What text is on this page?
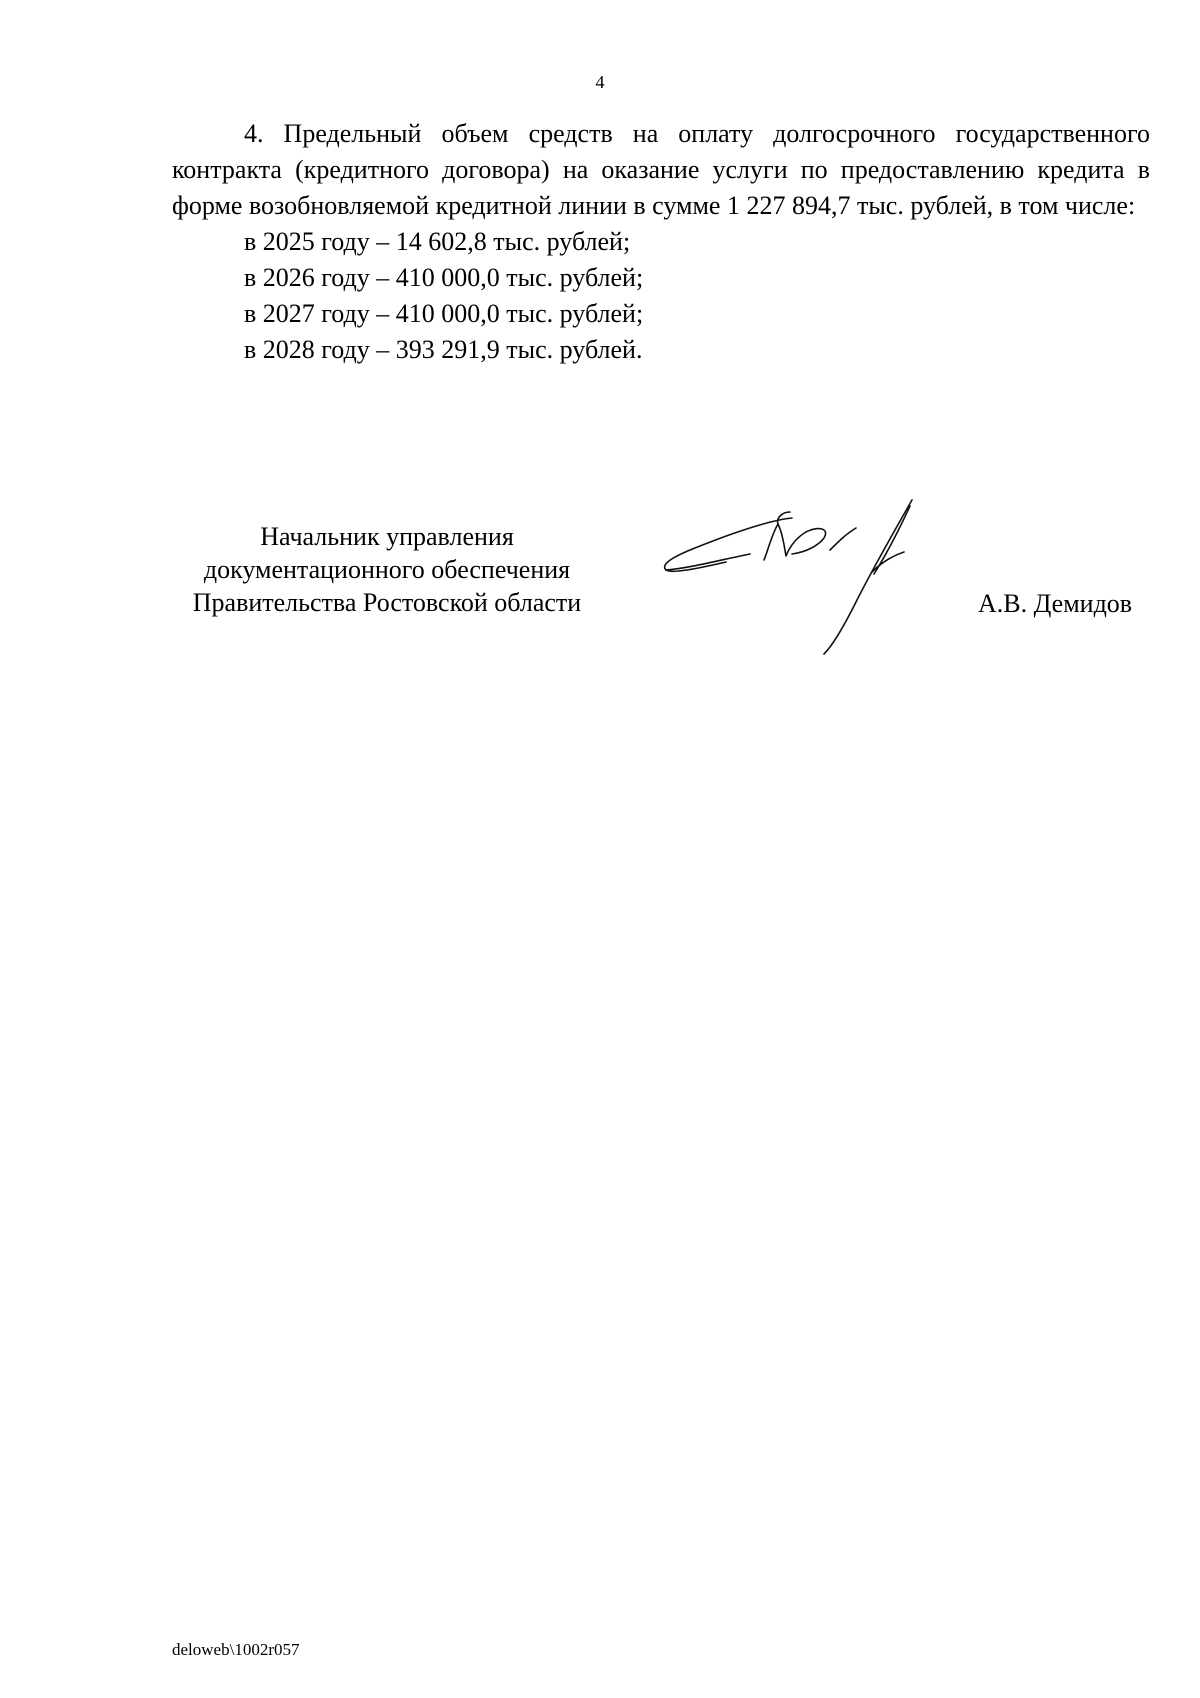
4

4. Предельный объем средств на оплату долгосрочного государственного контракта (кредитного договора) на оказание услуги по предоставлению кредита в форме возобновляемой кредитной линии в сумме 1 227 894,7 тыс. рублей, в том числе:

в 2025 году – 14 602,8 тыс. рублей;

в 2026 году – 410 000,0 тыс. рублей;

в 2027 году – 410 000,0 тыс. рублей;

в 2028 году – 393 291,9 тыс. рублей.

Начальник управления
документационного обеспечения
Правительства Ростовской области	А.В. Демидов
deloweb\1002r057
